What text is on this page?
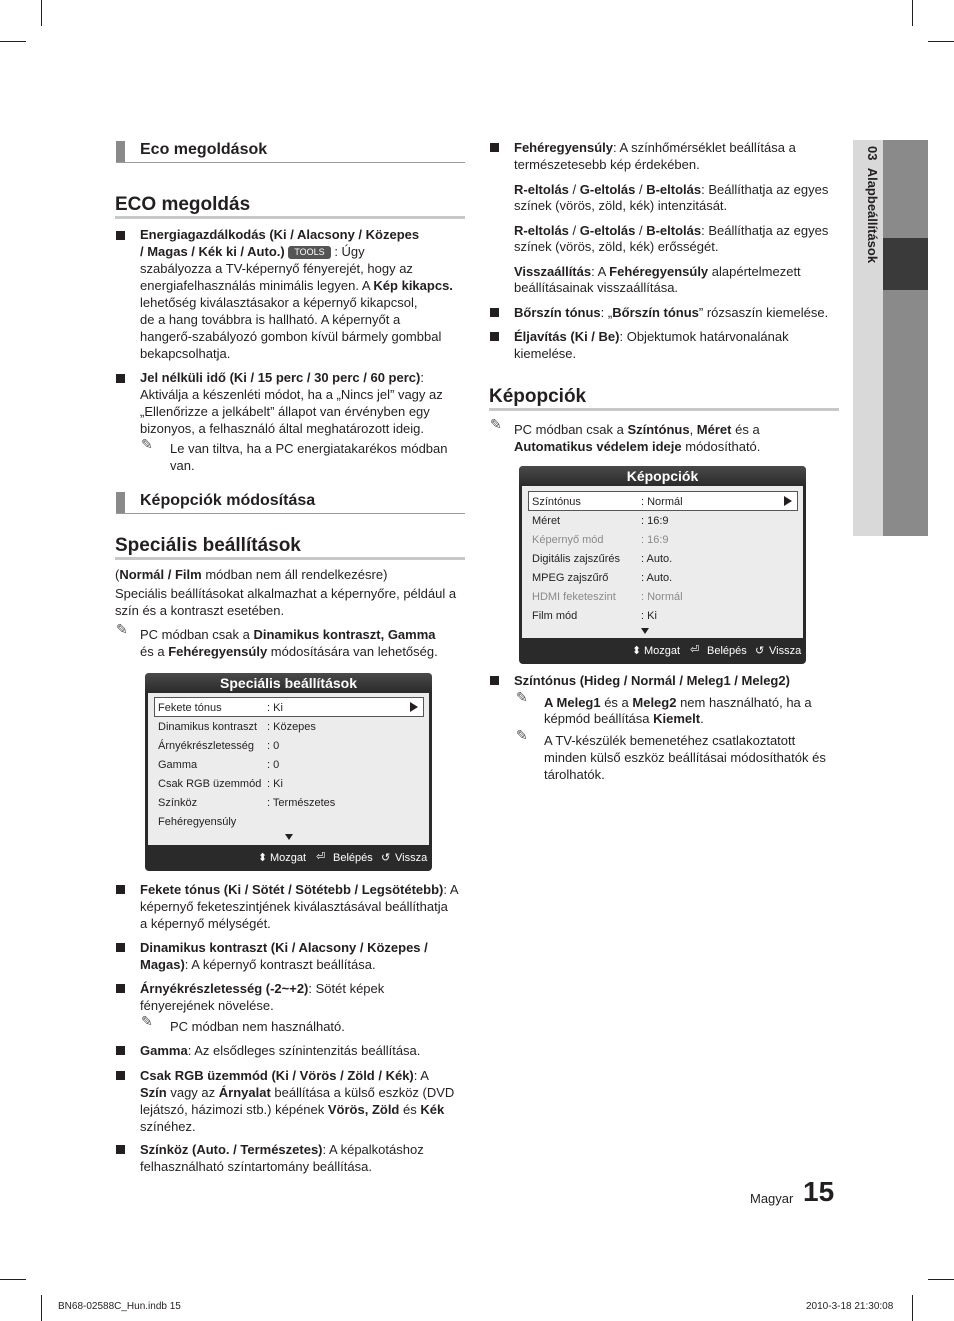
03  Alapbeállítások
Eco megoldások
ECO megoldás
Energiagazdálkodás (Ki / Alacsony / Közepes
/ Magas / Kék ki / Auto.) TOOLS : Úgy
szabályozza a TV-képernyő fényerejét, hogy az
energiafelhasználás minimális legyen. A Kép kikapcs.
lehetőség kiválasztásakor a képernyő kikapcsol,
de a hang továbbra is hallható. A képernyőt a
hangerő-szabályozó gombon kívül bármely gombbal
bekapcsolhatja.
Jel nélküli idő (Ki / 15 perc / 30 perc / 60 perc):
Aktiválja a készenléti módot, ha a „Nincs jel” vagy az
„Ellenőrizze a jelkábelt” állapot van érvényben egy
bizonyos, a felhasználó által meghatározott ideig.
✎ Le van tiltva, ha a PC energiatakarékos módban
van.
Képopciók módosítása
Speciális beállítások
(Normál / Film módban nem áll rendelkezésre)
Speciális beállításokat alkalmazhat a képernyőre, például a
szín és a kontraszt esetében.
✎ PC módban csak a Dinamikus kontraszt, Gamma
és a Fehéregyensúly módosítására van lehetőség.
Speciális beállítások
Fekete tónus	: Ki
Dinamikus kontraszt : Közepes
Árnyékrészletesség : 0
Gamma	: 0
Csak RGB üzemmód : Ki
Színköz	: Természetes
Fehéregyensúly
⬍ Mozgat ⏎ Belépés ↺ Vissza
Fekete tónus (Ki / Sötét / Sötétebb / Legsötétebb): A
képernyő feketeszintjének kiválasztásával beállíthatja
a képernyő mélységét.
Dinamikus kontraszt (Ki / Alacsony / Közepes /
Magas): A képernyő kontraszt beállítása.
Árnyékrészletesség (-2~+2): Sötét képek
fényerejének növelése.
✎ PC módban nem használható.
Gamma: Az elsődleges színintenzitás beállítása.
Csak RGB üzemmód (Ki / Vörös / Zöld / Kék): A
Szín vagy az Árnyalat beállítása a külső eszköz (DVD
lejátszó, házimozi stb.) képének Vörös, Zöld és Kék
színéhez.
Színköz (Auto. / Természetes): A képalkotáshoz
felhasználható színtartomány beállítása.
Fehéregyensúly: A színhőmérséklet beállítása a
természetesebb kép érdekében.
R-eltolás / G-eltolás / B-eltolás: Beállíthatja az egyes
színek (vörös, zöld, kék) intenzitását.
R-eltolás / G-eltolás / B-eltolás: Beállíthatja az egyes
színek (vörös, zöld, kék) erősségét.
Visszaállítás: A Fehéregyensúly alapértelmezett
beállításainak visszaállítása.
Bőrszín tónus: „Bőrszín tónus” rózsaszín kiemelése.
Éljavítás (Ki / Be): Objektumok határvonalának
kiemelése.
Képopciók
✎ PC módban csak a Színtónus, Méret és a
Automatikus védelem ideje módosítható.
Képopciók
Színtónus	: Normál
Méret	: 16:9
Képernyő mód	: 16:9
Digitális zajszűrés : Auto.
MPEG zajszűrő	: Auto.
HDMI feketeszint : Normál
Film mód	: Ki
⬍ Mozgat ⏎ Belépés ↺ Vissza
Színtónus (Hideg / Normál / Meleg1 / Meleg2)
✎ A Meleg1 és a Meleg2 nem használható, ha a
képmód beállítása Kiemelt.
✎ A TV-készülék bemenetéhez csatlakoztatott
minden külső eszköz beállításai módosíthatók és
tárolhatók.
Magyar 15
BN68-02588C_Hun.indb 15	2010-3-18 21:30:08
